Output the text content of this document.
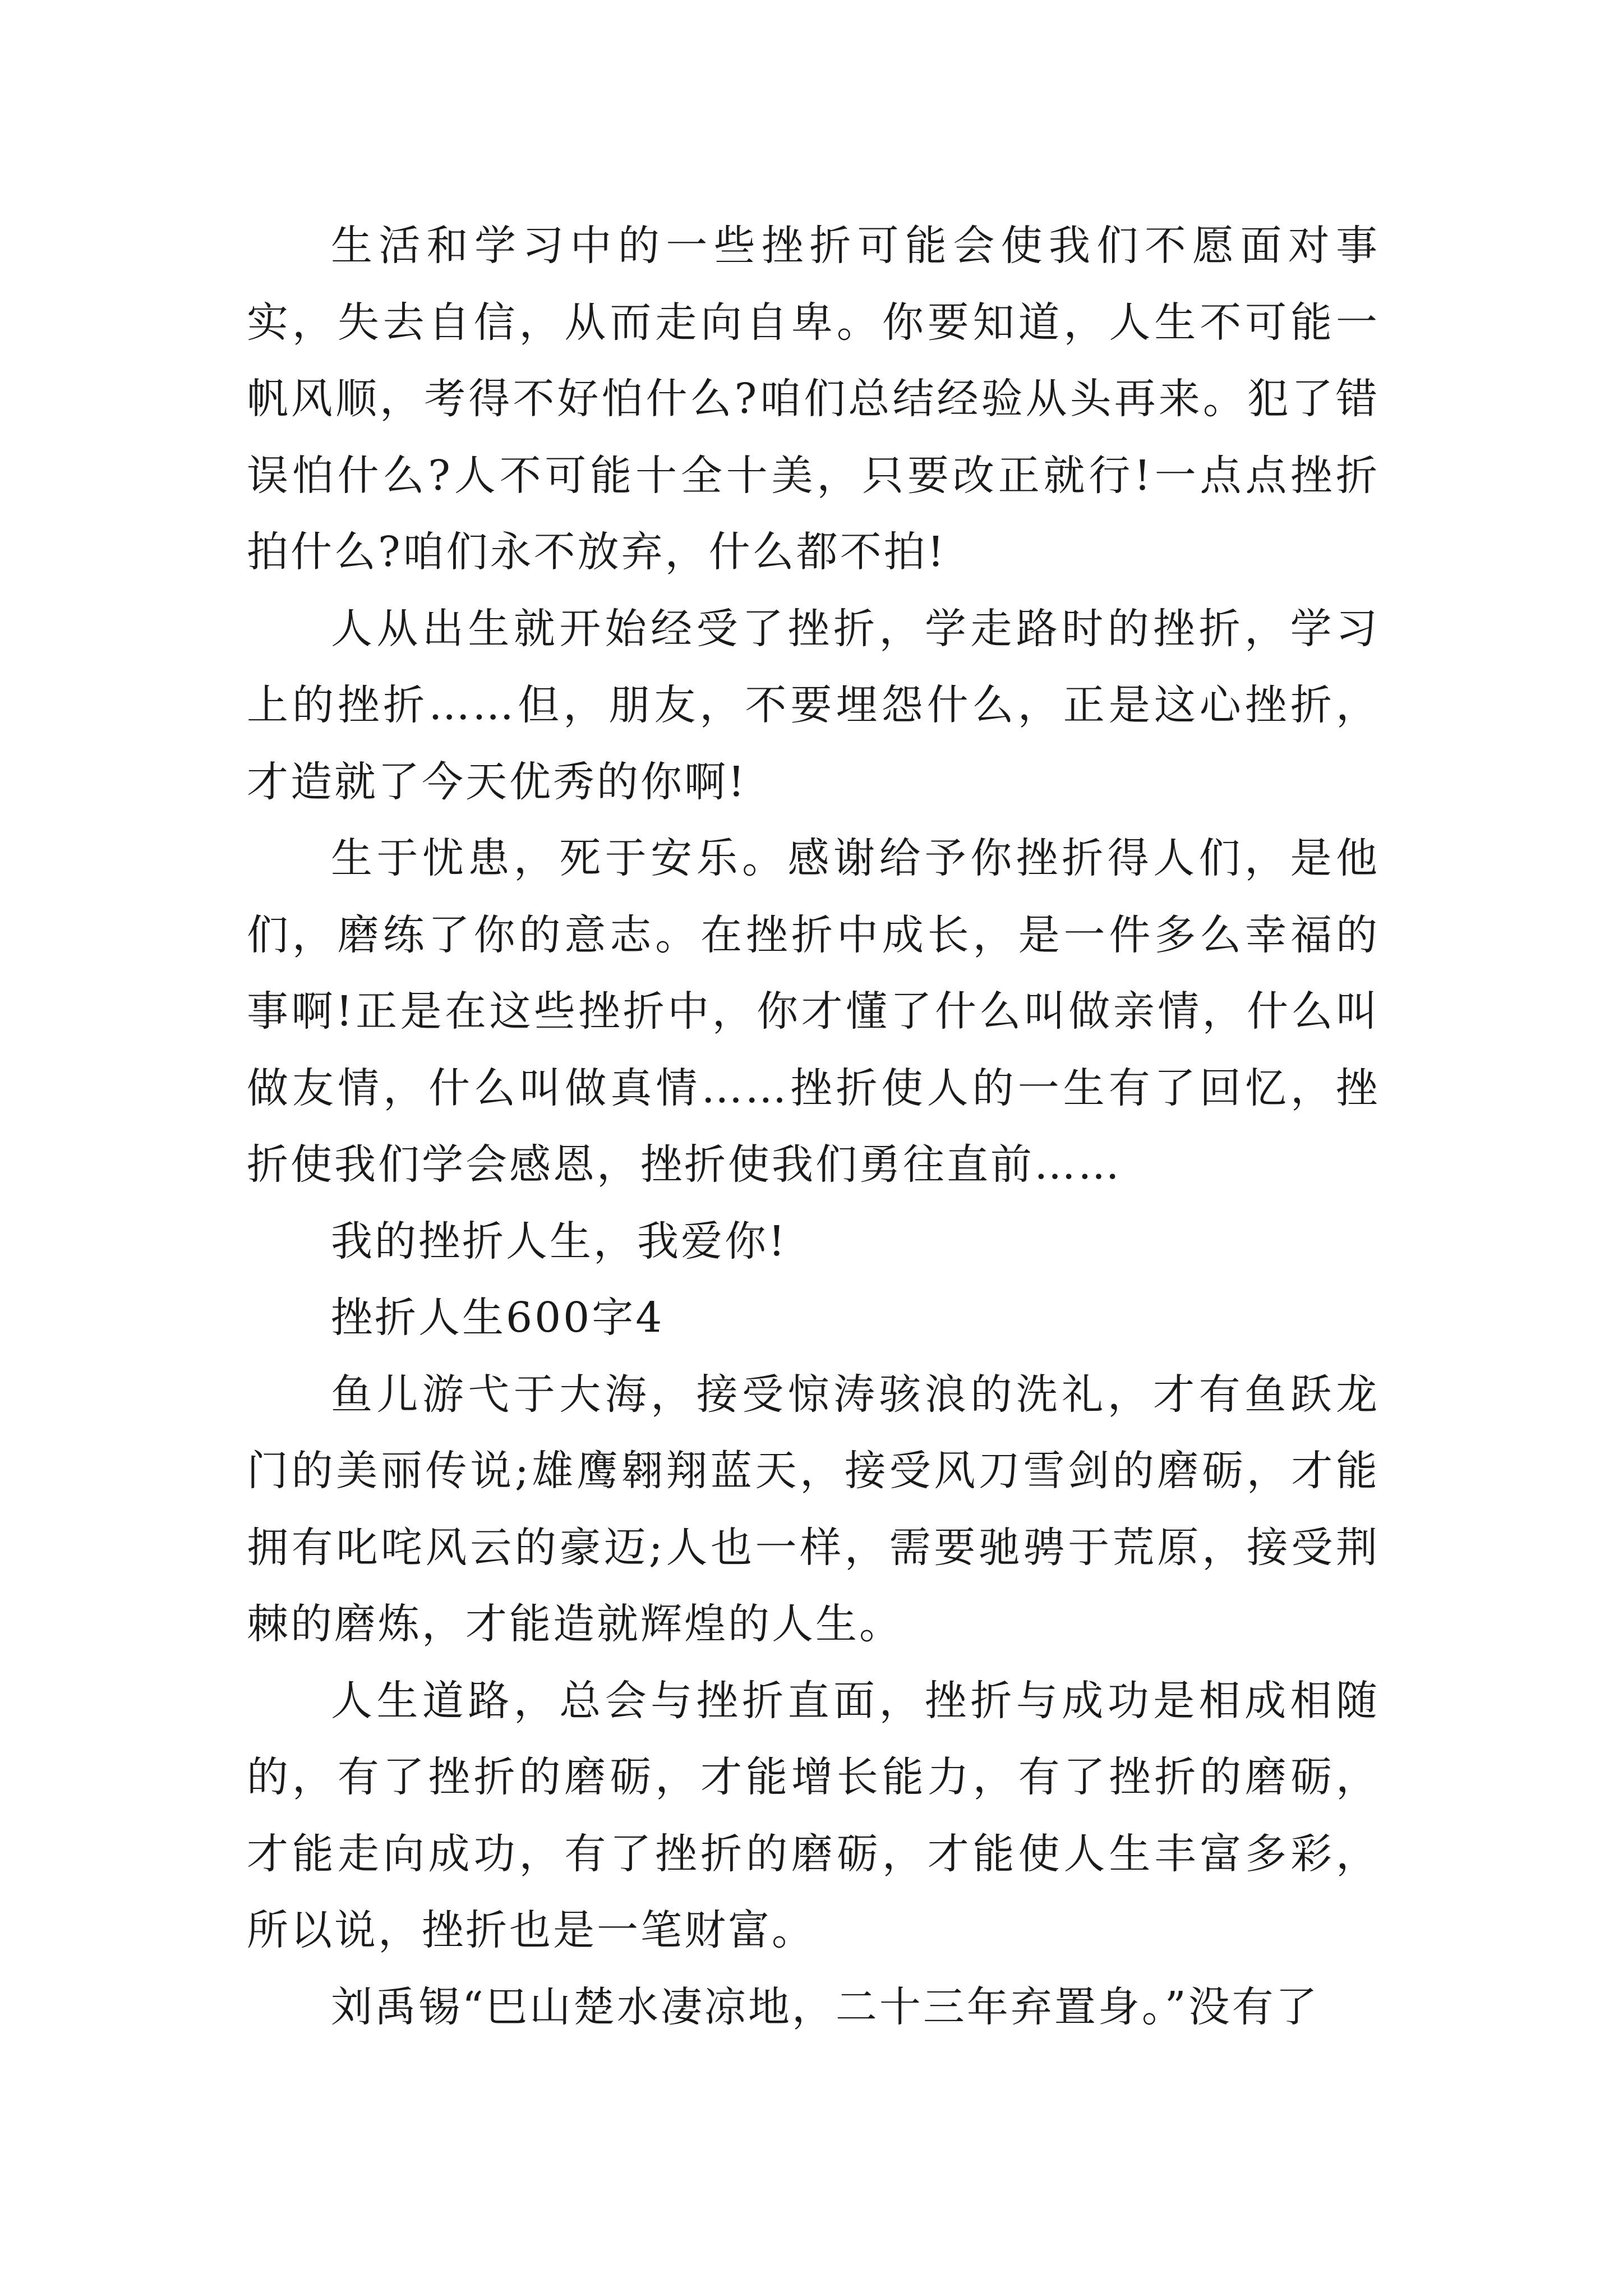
生活和学习中的一些挫折可能会使我们不愿面对事实，失去自信，从而走向自卑。你要知道，人生不可能一帆风顺，考得不好怕什么?咱们总结经验从头再来。犯了错误怕什么?人不可能十全十美，只要改正就行!一点点挫折拍什么?咱们永不放弃，什么都不拍!

人从出生就开始经受了挫折，学走路时的挫折，学习上的挫折……但，朋友，不要埋怨什么，正是这心挫折，才造就了今天优秀的你啊!

生于忧患，死于安乐。感谢给予你挫折得人们，是他们，磨练了你的意志。在挫折中成长，是一件多么幸福的事啊!正是在这些挫折中，你才懂了什么叫做亲情，什么叫做友情，什么叫做真情……挫折使人的一生有了回忆，挫折使我们学会感恩，挫折使我们勇往直前……

我的挫折人生，我爱你!

挫折人生600字4

鱼儿游弋于大海，接受惊涛骇浪的洗礼，才有鱼跃龙门的美丽传说;雄鹰翱翔蓝天，接受风刀雪剑的磨砺，才能拥有叱咤风云的豪迈;人也一样，需要驰骋于荒原，接受荆棘的磨炼，才能造就辉煌的人生。

人生道路，总会与挫折直面，挫折与成功是相成相随的，有了挫折的磨砺，才能增长能力，有了挫折的磨砺，才能走向成功，有了挫折的磨砺，才能使人生丰富多彩，所以说，挫折也是一笔财富。

刘禹锡“巴山楚水凄凉地，二十三年弃置身。”没有了
